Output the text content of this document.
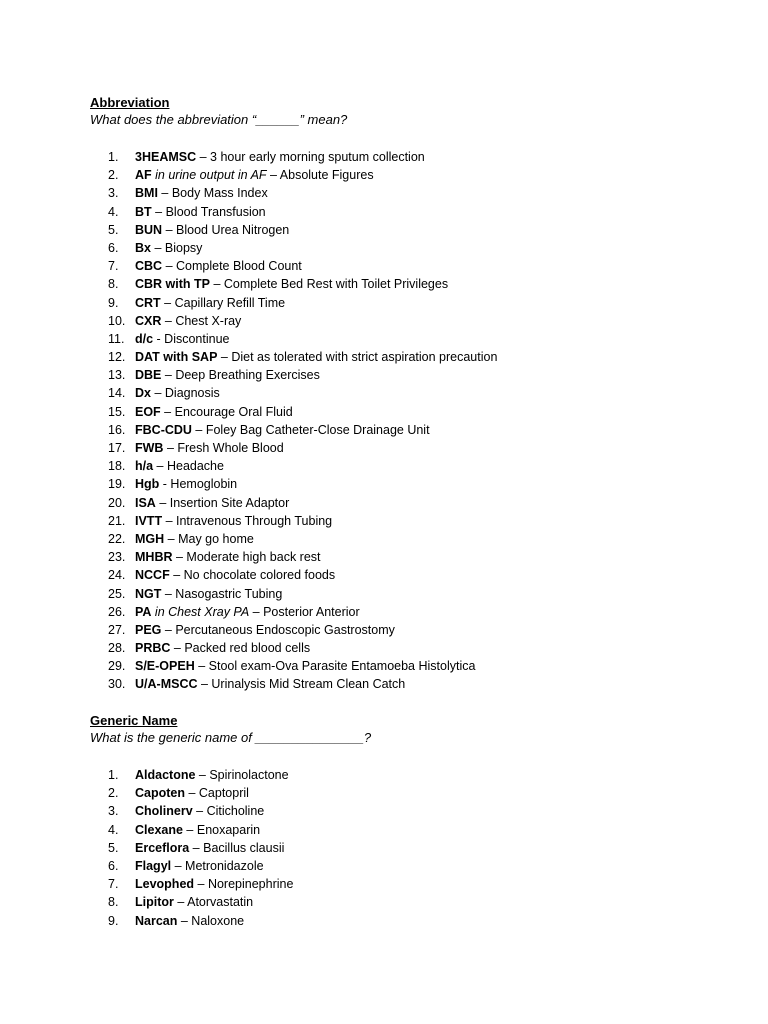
Abbreviation
What does the abbreviation “______” mean?
1.	3HEAMSC – 3 hour early morning sputum collection
2.	AF in urine output in AF – Absolute Figures
3.	BMI – Body Mass Index
4.	BT – Blood Transfusion
5.	BUN – Blood Urea Nitrogen
6.	Bx – Biopsy
7.	CBC – Complete Blood Count
8.	CBR with TP – Complete Bed Rest with Toilet Privileges
9.	CRT – Capillary Refill Time
10. CXR – Chest X-ray
11. d/c - Discontinue
12. DAT with SAP – Diet as tolerated with strict aspiration precaution
13. DBE – Deep Breathing Exercises
14. Dx – Diagnosis
15. EOF – Encourage Oral Fluid
16. FBC-CDU – Foley Bag Catheter-Close Drainage Unit
17. FWB – Fresh Whole Blood
18. h/a – Headache
19. Hgb - Hemoglobin
20. ISA – Insertion Site Adaptor
21. IVTT – Intravenous Through Tubing
22. MGH – May go home
23. MHBR – Moderate high back rest
24. NCCF – No chocolate colored foods
25. NGT – Nasogastric Tubing
26. PA in Chest Xray PA – Posterior Anterior
27. PEG – Percutaneous Endoscopic Gastrostomy
28. PRBC – Packed red blood cells
29. S/E-OPEH – Stool exam-Ova Parasite Entamoeba Histolytica
30. U/A-MSCC – Urinalysis Mid Stream Clean Catch
Generic Name
What is the generic name of _______________?
1.	Aldactone – Spirinolactone
2.	Capoten – Captopril
3.	Cholinerv – Citicholine
4.	Clexane – Enoxaparin
5.	Erceflora – Bacillus clausii
6.	Flagyl – Metronidazole
7.	Levophed – Norepinephrine
8.	Lipitor – Atorvastatin
9.	Narcan – Naloxone
